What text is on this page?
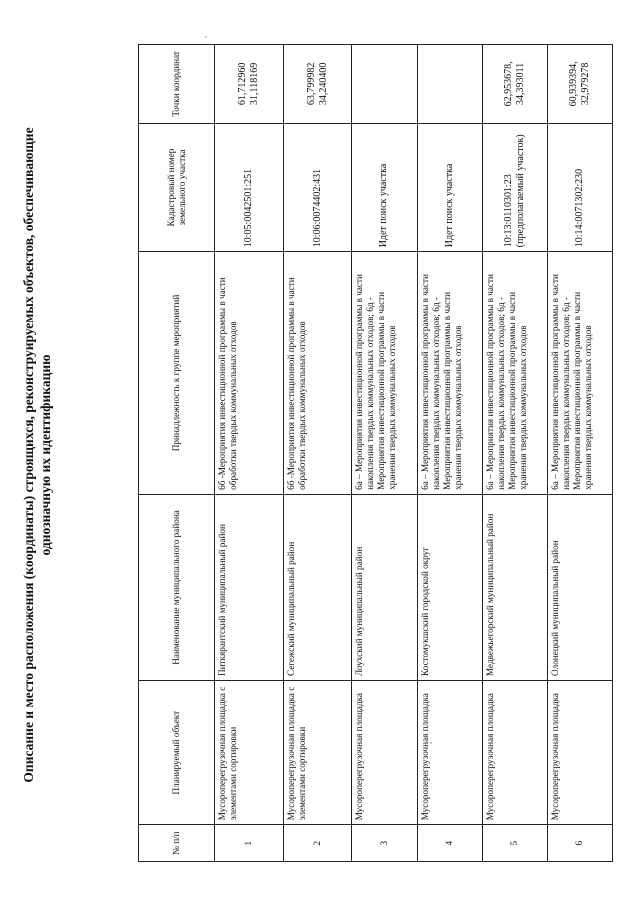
Описание и место расположения (координаты) строящихся, реконструируемых объектов, обеспечивающие однозначную их идентификацию
№ п/п	Планируемый объект	Наименование муниципального района	Принадлежность к группе мероприятий	Кадастровый номер земельного участка	Точки координат
1	Мусороперегрузочная площадка с элементами сортировки	Питкярантский муниципальный район	6б -Мероприятия инвестиционной программы в части обработки твердых коммунальных отходов	10:05:0042501:251	61,712960 31,118169
2	Мусороперегрузочная площадка с элементами сортировки	Сегежский муниципальный район	6б -Мероприятия инвестиционной программы в части обработки твердых коммунальных отходов	10:06:0074402:431	63,799982 34,240400
3	Мусороперегрузочная площадка	Лоухский муниципальный район	6а – Мероприятия инвестиционной программы в части накопления твердых коммунальных отходов; 6д - Мероприятия инвестиционной программы в части хранения твердых коммунальных отходов	Идет поиск участка	
4	Мусороперегрузочная площадка	Костомукшский городской округ	6а – Мероприятия инвестиционной программы в части накопления твердых коммунальных отходов; 6д - Мероприятия инвестиционной программы в части хранения твердых коммунальных отходов	Идет поиск участка	
5	Мусороперегрузочная площадка	Медвежьегорский муниципальный район	6а – Мероприятия инвестиционной программы в части накопления твердых коммунальных отходов; 6д - Мероприятия инвестиционной программы в части хранения твердых коммунальных отходов	10:13:0110301:23 (предполагаемый участок)	62,953678, 34,393011
6	Мусороперегрузочная площадка	Олонецкий муниципальный район	6а – Мероприятия инвестиционной программы в части накопления твердых коммунальных отходов; 6д - Мероприятия инвестиционной программы в части хранения твердых коммунальных отходов	10:14:0071302:230	60,939394, 32,979278
